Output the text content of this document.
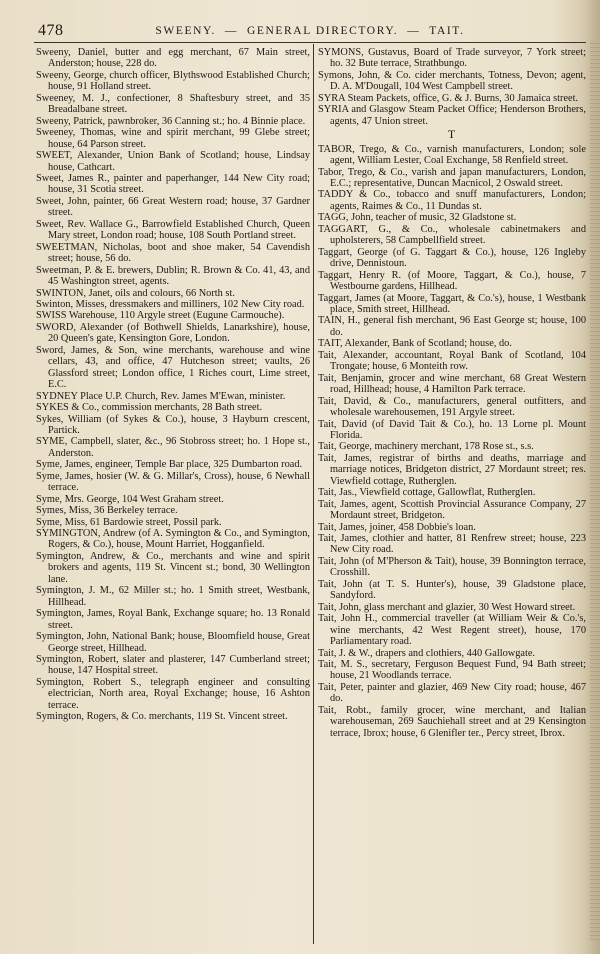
478	SWEENY.  —  GENERAL DIRECTORY.  —  TAIT.

Sweeny, Daniel, butter and egg merchant, 67 Main street, Anderston; house, 228 do.

Sweeny, George, church officer, Blythswood Established Church; house, 91 Holland street.

Sweeney, M. J., confectioner, 8 Shaftesbury street, and 35 Breadalbane street.

Sweeny, Patrick, pawnbroker, 36 Canning st.; ho. 4 Binnie place.

Sweeney, Thomas, wine and spirit merchant, 99 Glebe street; house, 64 Parson street.

SWEET, Alexander, Union Bank of Scotland; house, Lindsay house, Cathcart.

Sweet, James R., painter and paperhanger, 144 New City road; house, 31 Scotia street.

Sweet, John, painter, 66 Great Western road; house, 37 Gardner street.

Sweet, Rev. Wallace G., Barrowfield Established Church, Queen Mary street, London road; house, 108 South Portland street.

SWEETMAN, Nicholas, boot and shoe maker, 54 Cavendish street; house, 56 do.

Sweetman, P. & E. brewers, Dublin; R. Brown & Co. 41, 43, and 45 Washington street, agents.

SWINTON, Janet, oils and colours, 66 North st.

Swinton, Misses, dressmakers and milliners, 102 New City road.

SWISS Warehouse, 110 Argyle street (Eugune Carmouche).

SWORD, Alexander (of Bothwell Shields, Lanarkshire), house, 20 Queen's gate, Kensington Gore, London.

Sword, James, & Son, wine merchants, warehouse and wine cellars, 43, and office, 47 Hutcheson street; vaults, 26 Glassford street; London office, 1 Riches court, Lime street, E.C.

SYDNEY Place U.P. Church, Rev. James M'Ewan, minister.

SYKES & Co., commission merchants, 28 Bath street.

Sykes, William (of Sykes & Co.), house, 3 Hayburn crescent, Partick.

SYME, Campbell, slater, &c., 96 Stobross street; ho. 1 Hope st., Anderston.

Syme, James, engineer, Temple Bar place, 325 Dumbarton road.

Syme, James, hosier (W. & G. Millar's, Cross), house, 6 Newhall terrace.

Syme, Mrs. George, 104 West Graham street.

Symes, Miss, 36 Berkeley terrace.

Syme, Miss, 61 Bardowie street, Possil park.

SYMINGTON, Andrew (of A. Symington & Co., and Symington, Rogers, & Co.), house, Mount Harriet, Hogganfield.

Symington, Andrew, & Co., merchants and wine and spirit brokers and agents, 119 St. Vincent st.; bond, 30 Wellington lane.

Symington, J. M., 62 Miller st.; ho. 1 Smith street, Westbank, Hillhead.

Symington, James, Royal Bank, Exchange square; ho. 13 Ronald street.

Symington, John, National Bank; house, Bloomfield house, Great George street, Hillhead.

Symington, Robert, slater and plasterer, 147 Cumberland street; house, 147 Hospital street.

Symington, Robert S., telegraph engineer and consulting electrician, North area, Royal Exchange; house, 16 Ashton terrace.

Symington, Rogers, & Co. merchants, 119 St. Vincent street.

SYMONS, Gustavus, Board of Trade surveyor, 7 York street; ho. 32 Bute terrace, Strathbungo.

Symons, John, & Co. cider merchants, Totness, Devon; agent, D. A. M'Dougall, 104 West Campbell street.

SYRA Steam Packets, office, G. & J. Burns, 30 Jamaica street.

SYRIA and Glasgow Steam Packet Office; Henderson Brothers, agents, 47 Union street.

T

TABOR, Trego, & Co., varnish manufacturers, London; sole agent, William Lester, Coal Exchange, 58 Renfield street.

Tabor, Trego, & Co., varish and japan manufacturers, London, E.C.; representative, Duncan Macnicol, 2 Oswald street.

TADDY & Co., tobacco and snuff manufacturers, London; agents, Raimes & Co., 11 Dundas st.

TAGG, John, teacher of music, 32 Gladstone st.

TAGGART, G., & Co., wholesale cabinetmakers and upholsterers, 58 Campbellfield street.

Taggart, George (of G. Taggart & Co.), house, 126 Ingleby drive, Dennistoun.

Taggart, Henry R. (of Moore, Taggart, & Co.), house, 7 Westbourne gardens, Hillhead.

Taggart, James (at Moore, Taggart, & Co.'s), house, 1 Westbank place, Smith street, Hillhead.

TAIN, H., general fish merchant, 96 East George st; house, 100 do.

TAIT, Alexander, Bank of Scotland; house, do.

Tait, Alexander, accountant, Royal Bank of Scotland, 104 Trongate; house, 6 Monteith row.

Tait, Benjamin, grocer and wine merchant, 68 Great Western road, Hillhead; house, 4 Hamilton Park terrace.

Tait, David, & Co., manufacturers, general outfitters, and wholesale warehousemen, 191 Argyle street.

Tait, David (of David Tait & Co.), ho. 13 Lorne pl. Mount Florida.

Tait, George, machinery merchant, 178 Rose st., s.s.

Tait, James, registrar of births and deaths, marriage and marriage notices, Bridgeton district, 27 Mordaunt street; res. Viewfield cottage, Rutherglen.

Tait, Jas., Viewfield cottage, Gallowflat, Rutherglen.

Tait, James, agent, Scottish Provincial Assurance Company, 27 Mordaunt street, Bridgeton.

Tait, James, joiner, 458 Dobbie's loan.

Tait, James, clothier and hatter, 81 Renfrew street; house, 223 New City road.

Tait, John (of M'Pherson & Tait), house, 39 Bonnington terrace, Crosshill.

Tait, John (at T. S. Hunter's), house, 39 Gladstone place, Sandyford.

Tait, John, glass merchant and glazier, 30 West Howard street.

Tait, John H., commercial traveller (at William Weir & Co.'s, wine merchants, 42 West Regent street), house, 170 Parliamentary road.

Tait, J. & W., drapers and clothiers, 440 Gallowgate.

Tait, M. S., secretary, Ferguson Bequest Fund, 94 Bath street; house, 21 Woodlands terrace.

Tait, Peter, painter and glazier, 469 New City road; house, 467 do.

Tait, Robt., family grocer, wine merchant, and Italian warehouseman, 269 Sauchiehall street and at 29 Kensington terrace, Ibrox; house, 6 Glenifler ter., Percy street, Ibrox.
